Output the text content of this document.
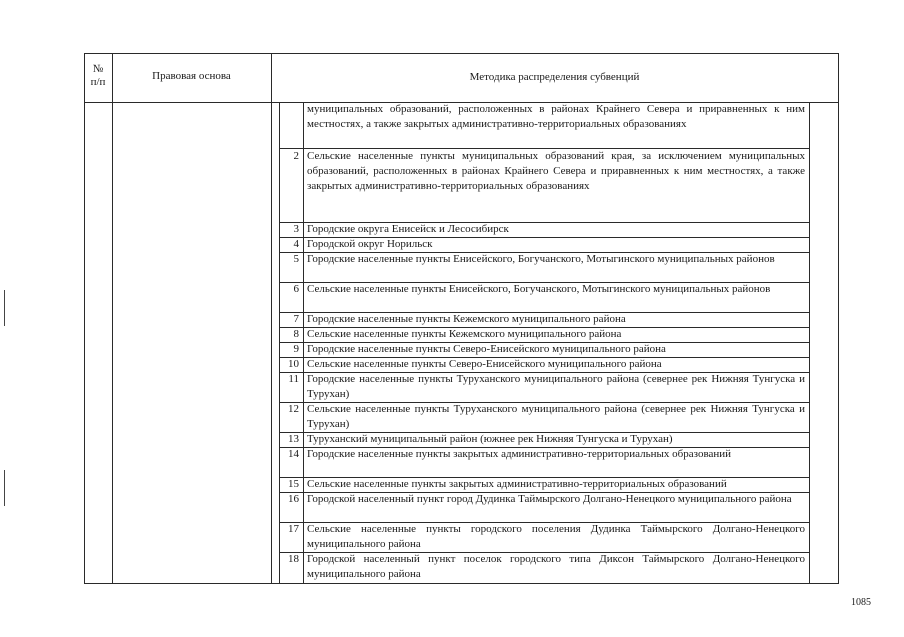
№
п/п	Правовая основа	Методика распределения субвенций
муниципальных образований, расположенных в районах Крайнего Севера и приравненных к ним местностях, а также закрытых административно-территориальных образованиях
2 Сельские населенные пункты муниципальных образований края, за исключением муниципальных образований, расположенных в районах Крайнего Севера и приравненных к ним местностях, а также закрытых административно-территориальных образованиях
3 Городские округа Енисейск и Лесосибирск
4 Городской округ Норильск
5 Городские населенные пункты Енисейского, Богучанского, Мотыгинского муниципальных районов
6 Сельские населенные пункты Енисейского, Богучанского, Мотыгинского муниципальных районов
7 Городские населенные пункты Кежемского муниципального района
8 Сельские населенные пункты Кежемского муниципального района
9 Городские населенные пункты Северо-Енисейского муниципального района
10 Сельские населенные пункты Северо-Енисейского муниципального района
11 Городские населенные пункты Туруханского муниципального района (севернее рек Нижняя Тунгуска и Турухан)
12 Сельские населенные пункты Туруханского муниципального района (севернее рек Нижняя Тунгуска и Турухан)
13 Туруханский муниципальный район (южнее рек Нижняя Тунгуска и Турухан)
14 Городские населенные пункты закрытых административно-территориальных образований
15 Сельские населенные пункты закрытых административно-территориальных образований
16 Городской населенный пункт город Дудинка Таймырского Долгано-Ненецкого муниципального района
17 Сельские населенные пункты городского поселения Дудинка Таймырского Долгано-Ненецкого муниципального района
18 Городской населенный пункт поселок городского типа Диксон Таймырского Долгано-Ненецкого муниципального района
1085
